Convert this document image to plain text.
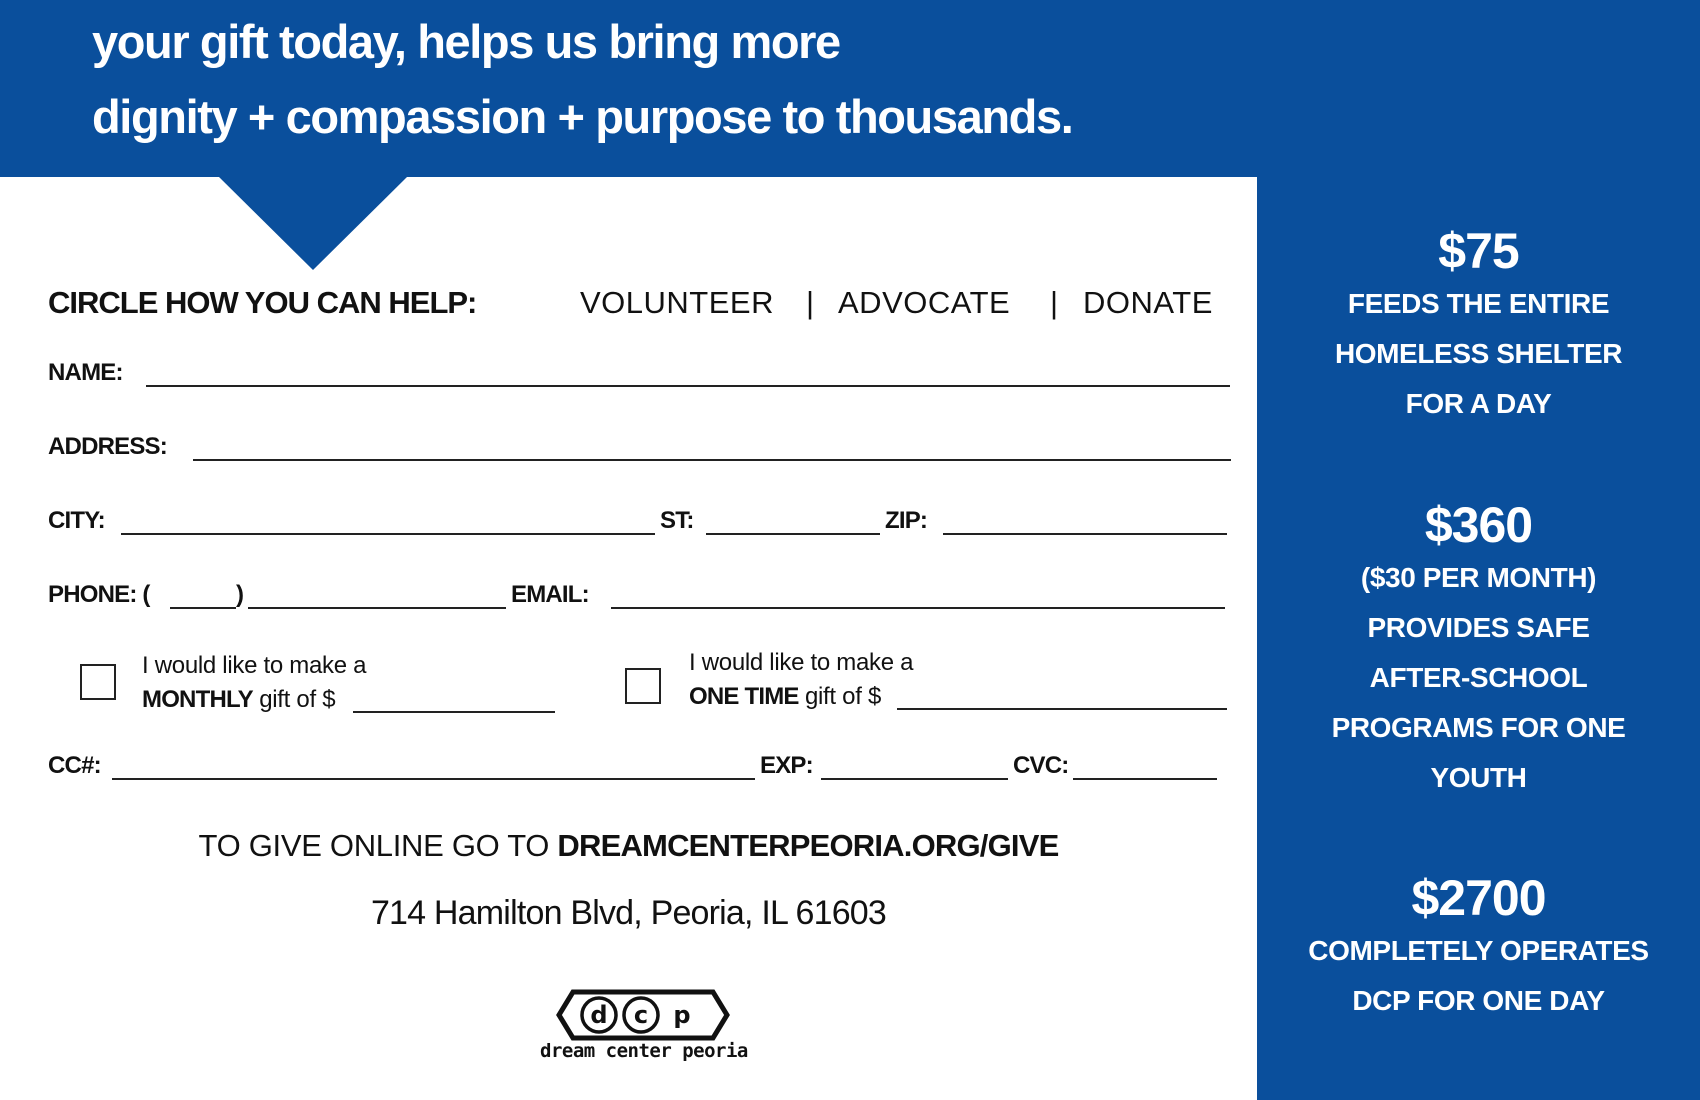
your gift today, helps us bring more
dignity + compassion + purpose to thousands.
CIRCLE HOW YOU CAN HELP:	VOLUNTEER | ADVOCATE | DONATE
NAME:
ADDRESS:
CITY:	ST:	ZIP:
PHONE: (	)	EMAIL:
I would like to make a
MONTHLY gift of $
I would like to make a
ONE TIME gift of $
CC#:	EXP:	CVC:
TO GIVE ONLINE GO TO DREAMCENTERPEORIA.ORG/GIVE
714 Hamilton Blvd, Peoria, IL 61603
d c p
dream center peoria
$75
FEEDS THE ENTIRE
HOMELESS SHELTER
FOR A DAY
$360
($30 PER MONTH)
PROVIDES SAFE
AFTER-SCHOOL
PROGRAMS FOR ONE
YOUTH
$2700
COMPLETELY OPERATES
DCP FOR ONE DAY
